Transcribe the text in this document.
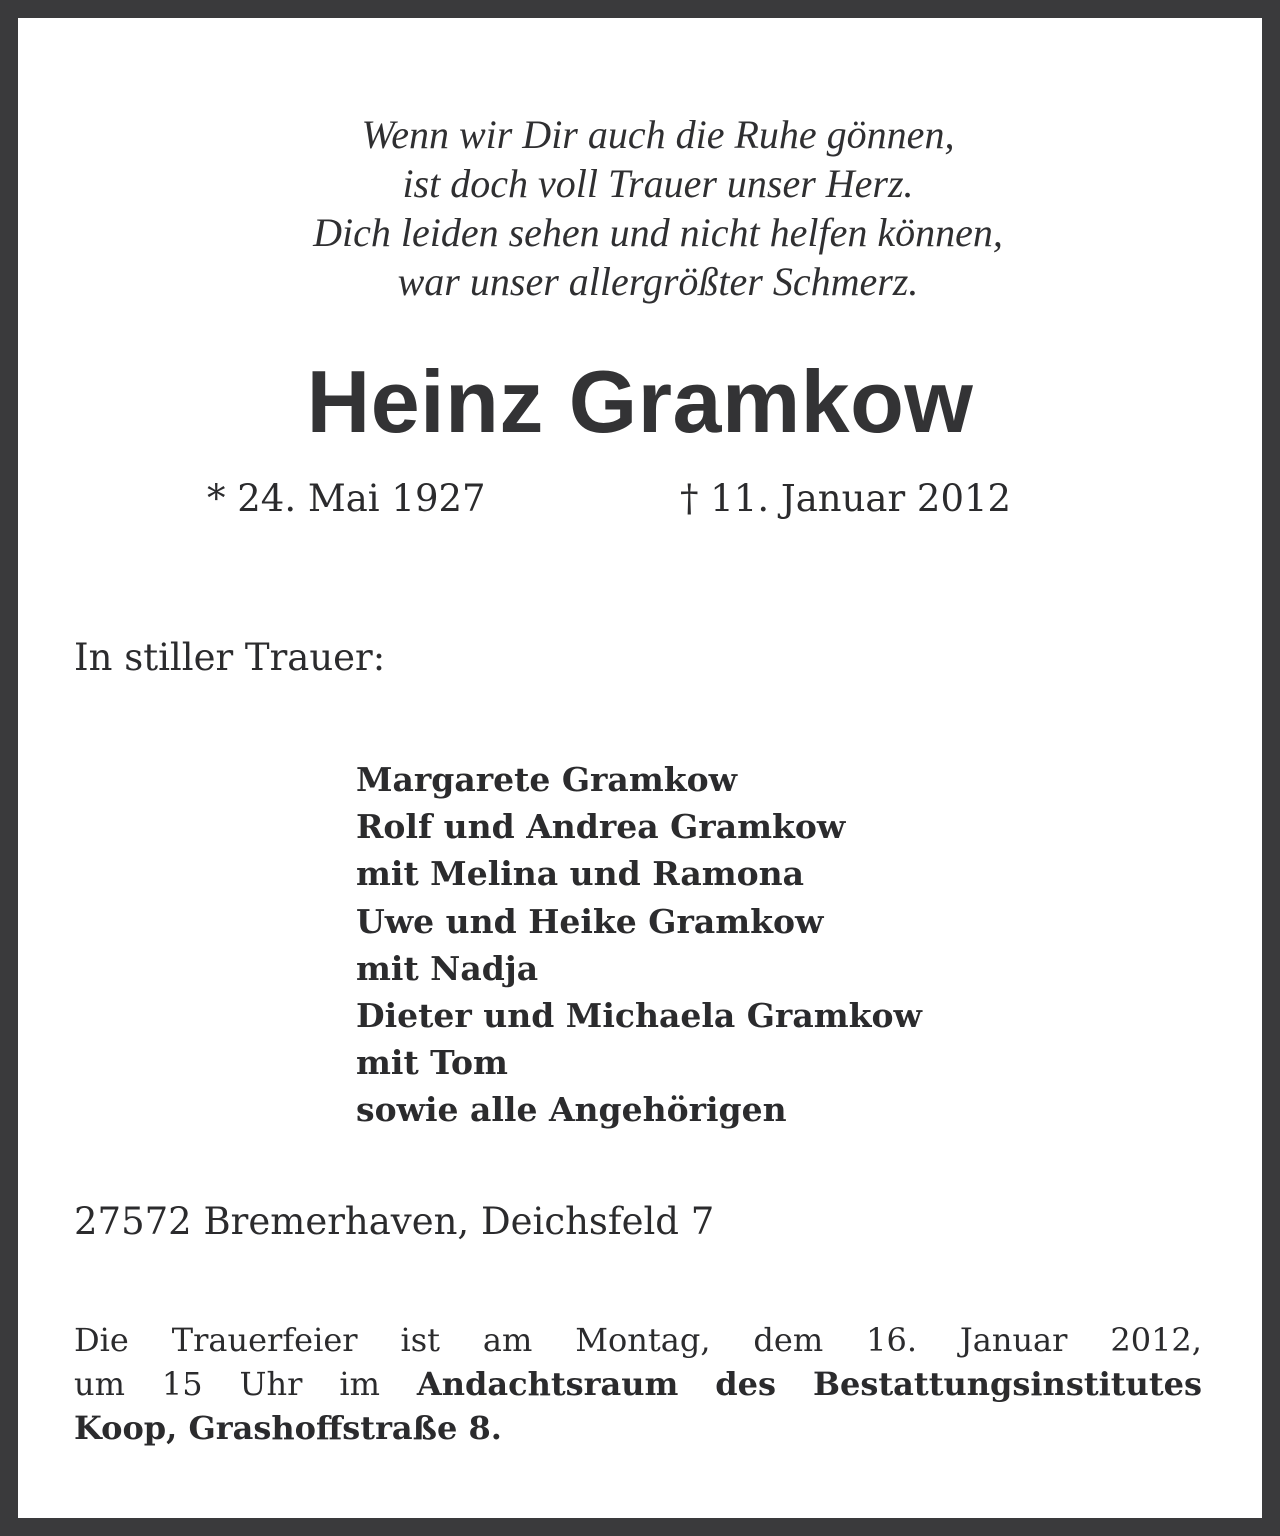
Wenn wir Dir auch die Ruhe gönnen,
ist doch voll Trauer unser Herz.
Dich leiden sehen und nicht helfen können,
war unser allergrößter Schmerz.
Heinz Gramkow
* 24. Mai 1927	† 11. Januar 2012
In stiller Trauer:
Margarete Gramkow
Rolf und Andrea Gramkow
mit Melina und Ramona
Uwe und Heike Gramkow
mit Nadja
Dieter und Michaela Gramkow
mit Tom
sowie alle Angehörigen
27572 Bremerhaven, Deichsfeld 7
Die Trauerfeier ist am Montag, dem 16. Januar 2012,
um 15 Uhr im Andachtsraum des Bestattungsinstitutes
Koop, Grashoffstraße 8.
